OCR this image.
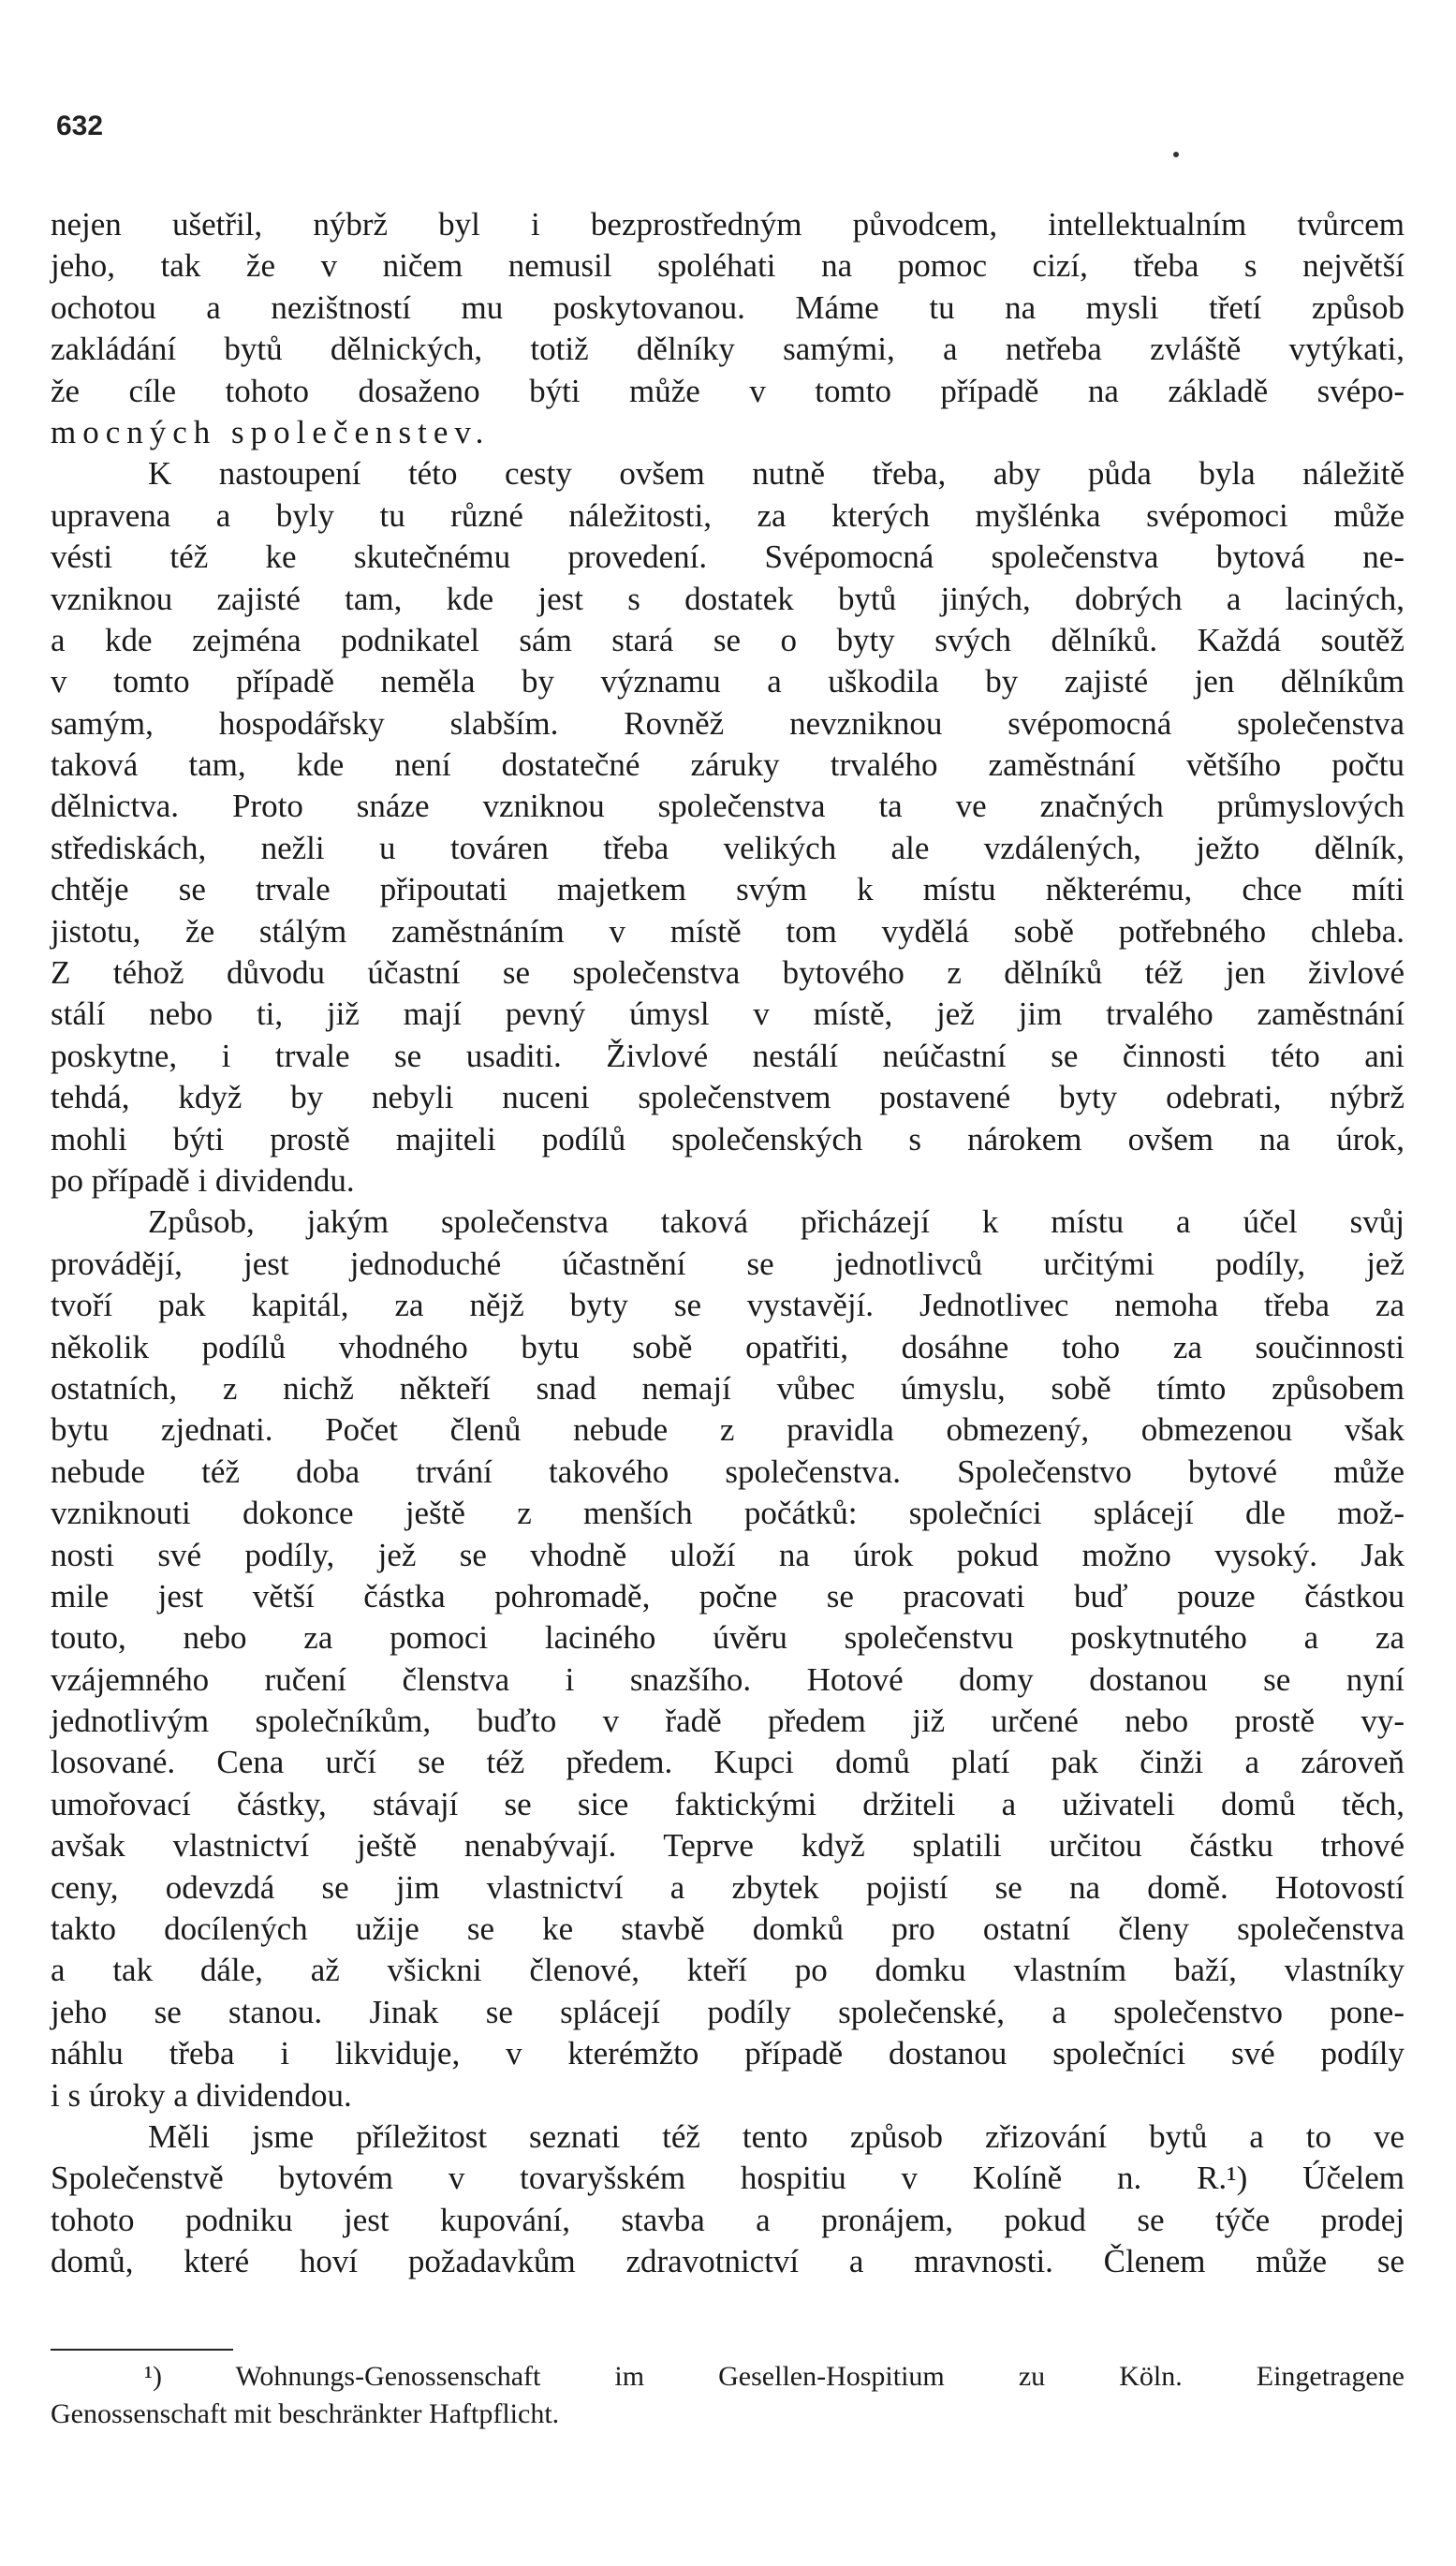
632
nejen ušetřil, nýbrž byl i bezprostředným původcem, intellektualním tvůrcem
jeho, tak že v ničem nemusil spoléhati na pomoc cizí, třeba s největší
ochotou a nezištností mu poskytovanou. Máme tu na mysli třetí způsob
zakládání bytů dělnických, totiž dělníky samými, a netřeba zvláště vytýkati,
že cíle tohoto dosaženo býti může v tomto případě na základě svépo-
mocných společenstev.
K nastoupení této cesty ovšem nutně třeba, aby půda byla náležitě
upravena a byly tu různé náležitosti, za kterých myšlénka svépomoci může
vésti též ke skutečnému provedení. Svépomocná společenstva bytová ne-
vzniknou zajisté tam, kde jest s dostatek bytů jiných, dobrých a laciných,
a kde zejména podnikatel sám stará se o byty svých dělníků. Každá soutěž
v tomto případě neměla by významu a uškodila by zajisté jen dělníkům
samým, hospodářsky slabším. Rovněž nevzniknou svépomocná společenstva
taková tam, kde není dostatečné záruky trvalého zaměstnání většího počtu
dělnictva. Proto snáze vzniknou společenstva ta ve značných průmyslových
střediskách, nežli u továren třeba velikých ale vzdálených, ježto dělník,
chtěje se trvale připoutati majetkem svým k místu některému, chce míti
jistotu, že stálým zaměstnáním v místě tom vydělá sobě potřebného chleba.
Z téhož důvodu účastní se společenstva bytového z dělníků též jen živlové
stálí nebo ti, již mají pevný úmysl v místě, jež jim trvalého zaměstnání
poskytne, i trvale se usaditi. Živlové nestálí neúčastní se činnosti této ani
tehdá, když by nebyli nuceni společenstvem postavené byty odebrati, nýbrž
mohli býti prostě majiteli podílů společenských s nárokem ovšem na úrok,
po případě i dividendu.
Způsob, jakým společenstva taková přicházejí k místu a účel svůj
provádějí, jest jednoduché účastnění se jednotlivců určitými podíly, jež
tvoří pak kapitál, za nějž byty se vystavějí. Jednotlivec nemoha třeba za
několik podílů vhodného bytu sobě opatřiti, dosáhne toho za součinnosti
ostatních, z nichž někteří snad nemají vůbec úmyslu, sobě tímto způsobem
bytu zjednati. Počet členů nebude z pravidla obmezený, obmezenou však
nebude též doba trvání takového společenstva. Společenstvo bytové může
vzniknouti dokonce ještě z menších počátků: společníci splácejí dle mož-
nosti své podíly, jež se vhodně uloží na úrok pokud možno vysoký. Jak
mile jest větší částka pohromadě, počne se pracovati buď pouze částkou
touto, nebo za pomoci laciného úvěru společenstvu poskytnutého a za
vzájemného ručení členstva i snazšího. Hotové domy dostanou se nyní
jednotlivým společníkům, buďto v řadě předem již určené nebo prostě vy-
losované. Cena určí se též předem. Kupci domů platí pak činži a zároveň
umořovací částky, stávají se sice faktickými držiteli a uživateli domů těch,
avšak vlastnictví ještě nenabývají. Teprve když splatili určitou částku trhové
ceny, odevzdá se jim vlastnictví a zbytek pojistí se na domě. Hotovostí
takto docílených užije se ke stavbě domků pro ostatní členy společenstva
a tak dále, až všickni členové, kteří po domku vlastním baží, vlastníky
jeho se stanou. Jinak se splácejí podíly společenské, a společenstvo pone-
náhlu třeba i likviduje, v kterémžto případě dostanou společníci své podíly
i s úroky a dividendou.
Měli jsme příležitost seznati též tento způsob zřizování bytů a to ve
Společenstvě bytovém v tovaryšském hospitiu v Kolíně n. R.¹) Účelem
tohoto podniku jest kupování, stavba a pronájem, pokud se týče prodej
domů, které hoví požadavkům zdravotnictví a mravnosti. Členem může se
¹) Wohnungs-Genossenschaft im Gesellen-Hospitium zu Köln. Eingetragene
Genossenschaft mit beschränkter Haftpflicht.
